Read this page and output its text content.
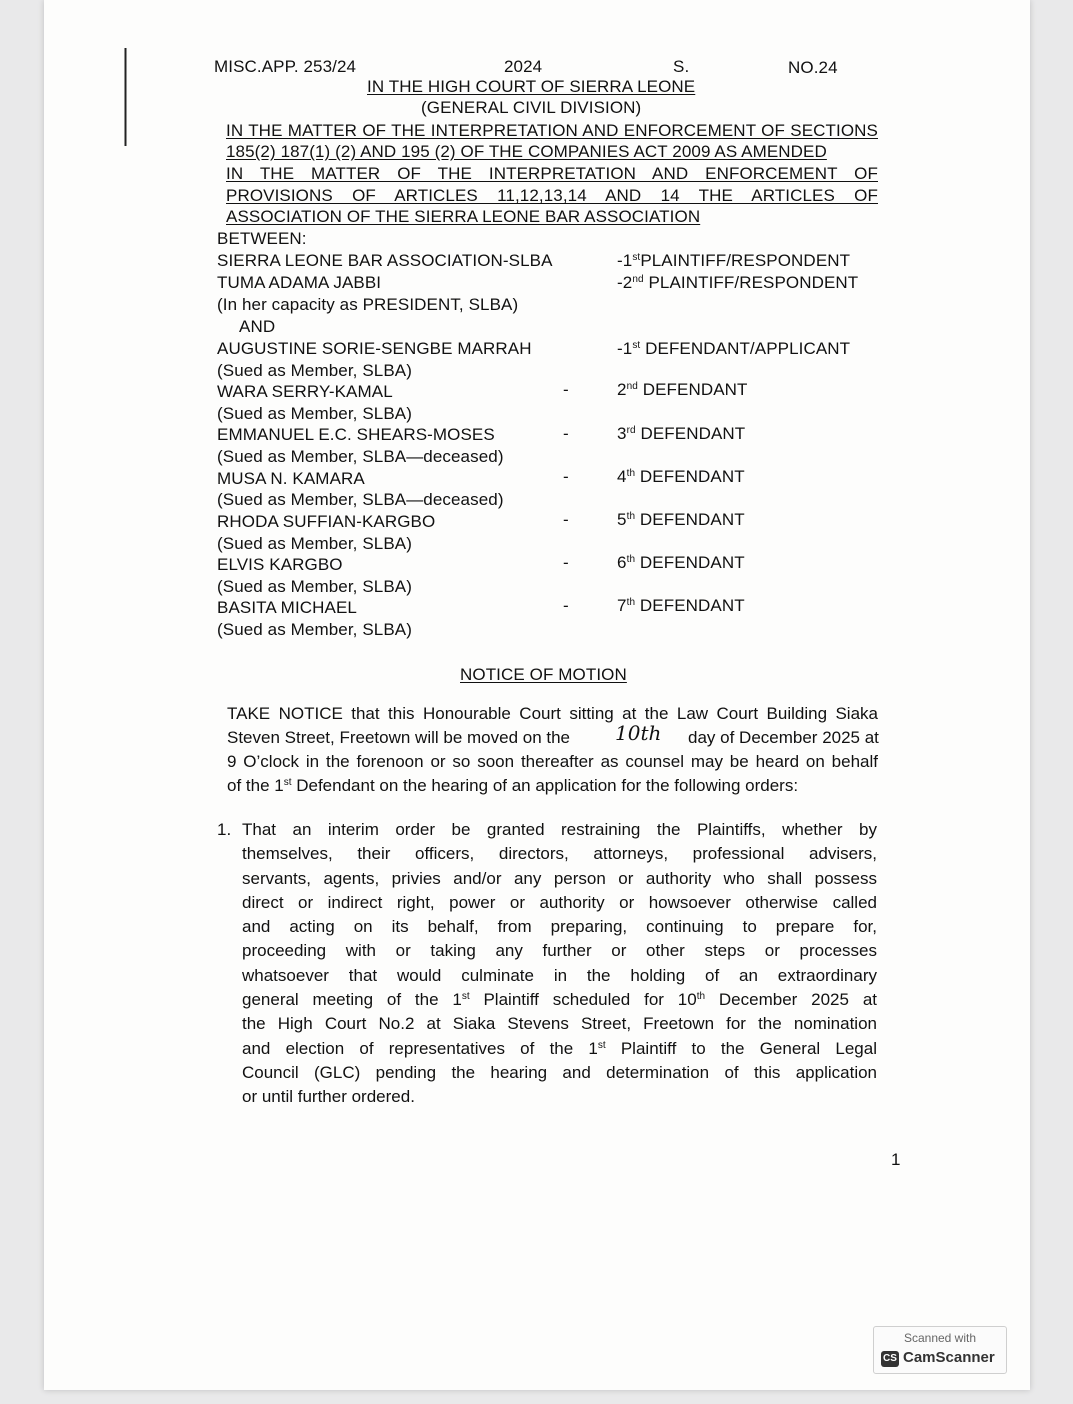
MISC.APP. 253/24	2024	S.	NO.24
IN THE HIGH COURT OF SIERRA LEONE
(GENERAL CIVIL DIVISION)
IN THE MATTER OF THE INTERPRETATION AND ENFORCEMENT OF SECTIONS
185(2) 187(1) (2) AND 195 (2) OF THE COMPANIES ACT 2009 AS AMENDED
IN THE MATTER OF THE INTERPRETATION AND ENFORCEMENT OF
PROVISIONS OF ARTICLES 11,12,13,14 AND 14 THE ARTICLES OF
ASSOCIATION OF THE SIERRA LEONE BAR ASSOCIATION
BETWEEN:
SIERRA LEONE BAR ASSOCIATION-SLBA	-1stPLAINTIFF/RESPONDENT
TUMA ADAMA JABBI	-2nd PLAINTIFF/RESPONDENT
(In her capacity as PRESIDENT, SLBA)
AND
AUGUSTINE SORIE-SENGBE MARRAH	-1st DEFENDANT/APPLICANT
(Sued as Member, SLBA)
WARA SERRY-KAMAL	-	2nd DEFENDANT
(Sued as Member, SLBA)
EMMANUEL E.C. SHEARS-MOSES	-	3rd DEFENDANT
(Sued as Member, SLBA—deceased)
MUSA N. KAMARA	-	4th DEFENDANT
(Sued as Member, SLBA—deceased)
RHODA SUFFIAN-KARGBO	-	5th DEFENDANT
(Sued as Member, SLBA)
ELVIS KARGBO	-	6th DEFENDANT
(Sued as Member, SLBA)
BASITA MICHAEL	-	7th DEFENDANT
(Sued as Member, SLBA)
NOTICE OF MOTION
TAKE NOTICE that this Honourable Court sitting at the Law Court Building Siaka
Steven Street, Freetown will be moved on the	day of December 2025 at
9 O’clock in the forenoon or so soon thereafter as counsel may be heard on behalf
of the 1st Defendant on the hearing of an application for the following orders:
10th
1. That an interim order be granted restraining the Plaintiffs, whether by
themselves, their officers, directors, attorneys, professional advisers,
servants, agents, privies and/or any person or authority who shall possess
direct or indirect right, power or authority or howsoever otherwise called
and acting on its behalf, from preparing, continuing to prepare for,
proceeding with or taking any further or other steps or processes
whatsoever that would culminate in the holding of an extraordinary
general meeting of the 1st Plaintiff scheduled for 10th December 2025 at
the High Court No.2 at Siaka Stevens Street, Freetown for the nomination
and election of representatives of the 1st Plaintiff to the General Legal
Council (GLC) pending the hearing and determination of this application
or until further ordered.
1
Scanned with
CS CamScanner
